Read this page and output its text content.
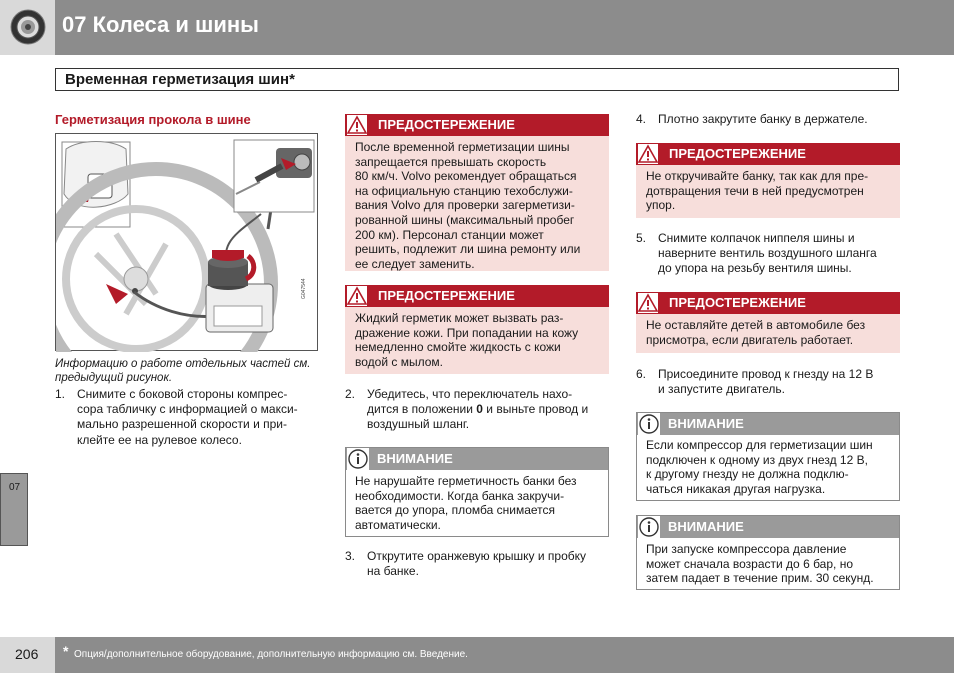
07 Колеса и шины
Временная герметизация шин*
Герметизация прокола в шине
G047544
Информацию о работе отдельных частей см. предыдущий рисунок.
1. Снимите с боковой стороны компрес-
сора табличку с информацией о макси-
мально разрешенной скорости и при-
клейте ее на рулевое колесо.
ПРЕДОСТЕРЕЖЕНИЕ
После временной герметизации шины
запрещается превышать скорость
80 км/ч. Volvo рекомендует обращаться
на официальную станцию техобслужи-
вания Volvo для проверки загерметизи-
рованной шины (максимальный пробег
200 км). Персонал станции может
решить, подлежит ли шина ремонту или
ее следует заменить.
ПРЕДОСТЕРЕЖЕНИЕ
Жидкий герметик может вызвать раз-
дражение кожи. При попадании на кожу
немедленно смойте жидкость с кожи
водой с мылом.
2. Убедитесь, что переключатель нахо-
дится в положении 0 и выньте провод и
воздушный шланг.
ВНИМАНИЕ
Не нарушайте герметичность банки без
необходимости. Когда банка закручи-
вается до упора, пломба снимается
автоматически.
3. Открутите оранжевую крышку и пробку
на банке.
4. Плотно закрутите банку в держателе.
ПРЕДОСТЕРЕЖЕНИЕ
Не откручивайте банку, так как для пре-
дотвращения течи в ней предусмотрен
упор.
5. Снимите колпачок ниппеля шины и
наверните вентиль воздушного шланга
до упора на резьбу вентиля шины.
ПРЕДОСТЕРЕЖЕНИЕ
Не оставляйте детей в автомобиле без
присмотра, если двигатель работает.
6. Присоедините провод к гнезду на 12 В
и запустите двигатель.
ВНИМАНИЕ
Если компрессор для герметизации шин
подключен к одному из двух гнезд 12 В,
к другому гнезду не должна подклю-
чаться никакая другая нагрузка.
ВНИМАНИЕ
При запуске компрессора давление
может сначала возрасти до 6 бар, но
затем падает в течение прим. 30 секунд.
07
206 * Опция/дополнительное оборудование, дополнительную информацию см. Введение.
